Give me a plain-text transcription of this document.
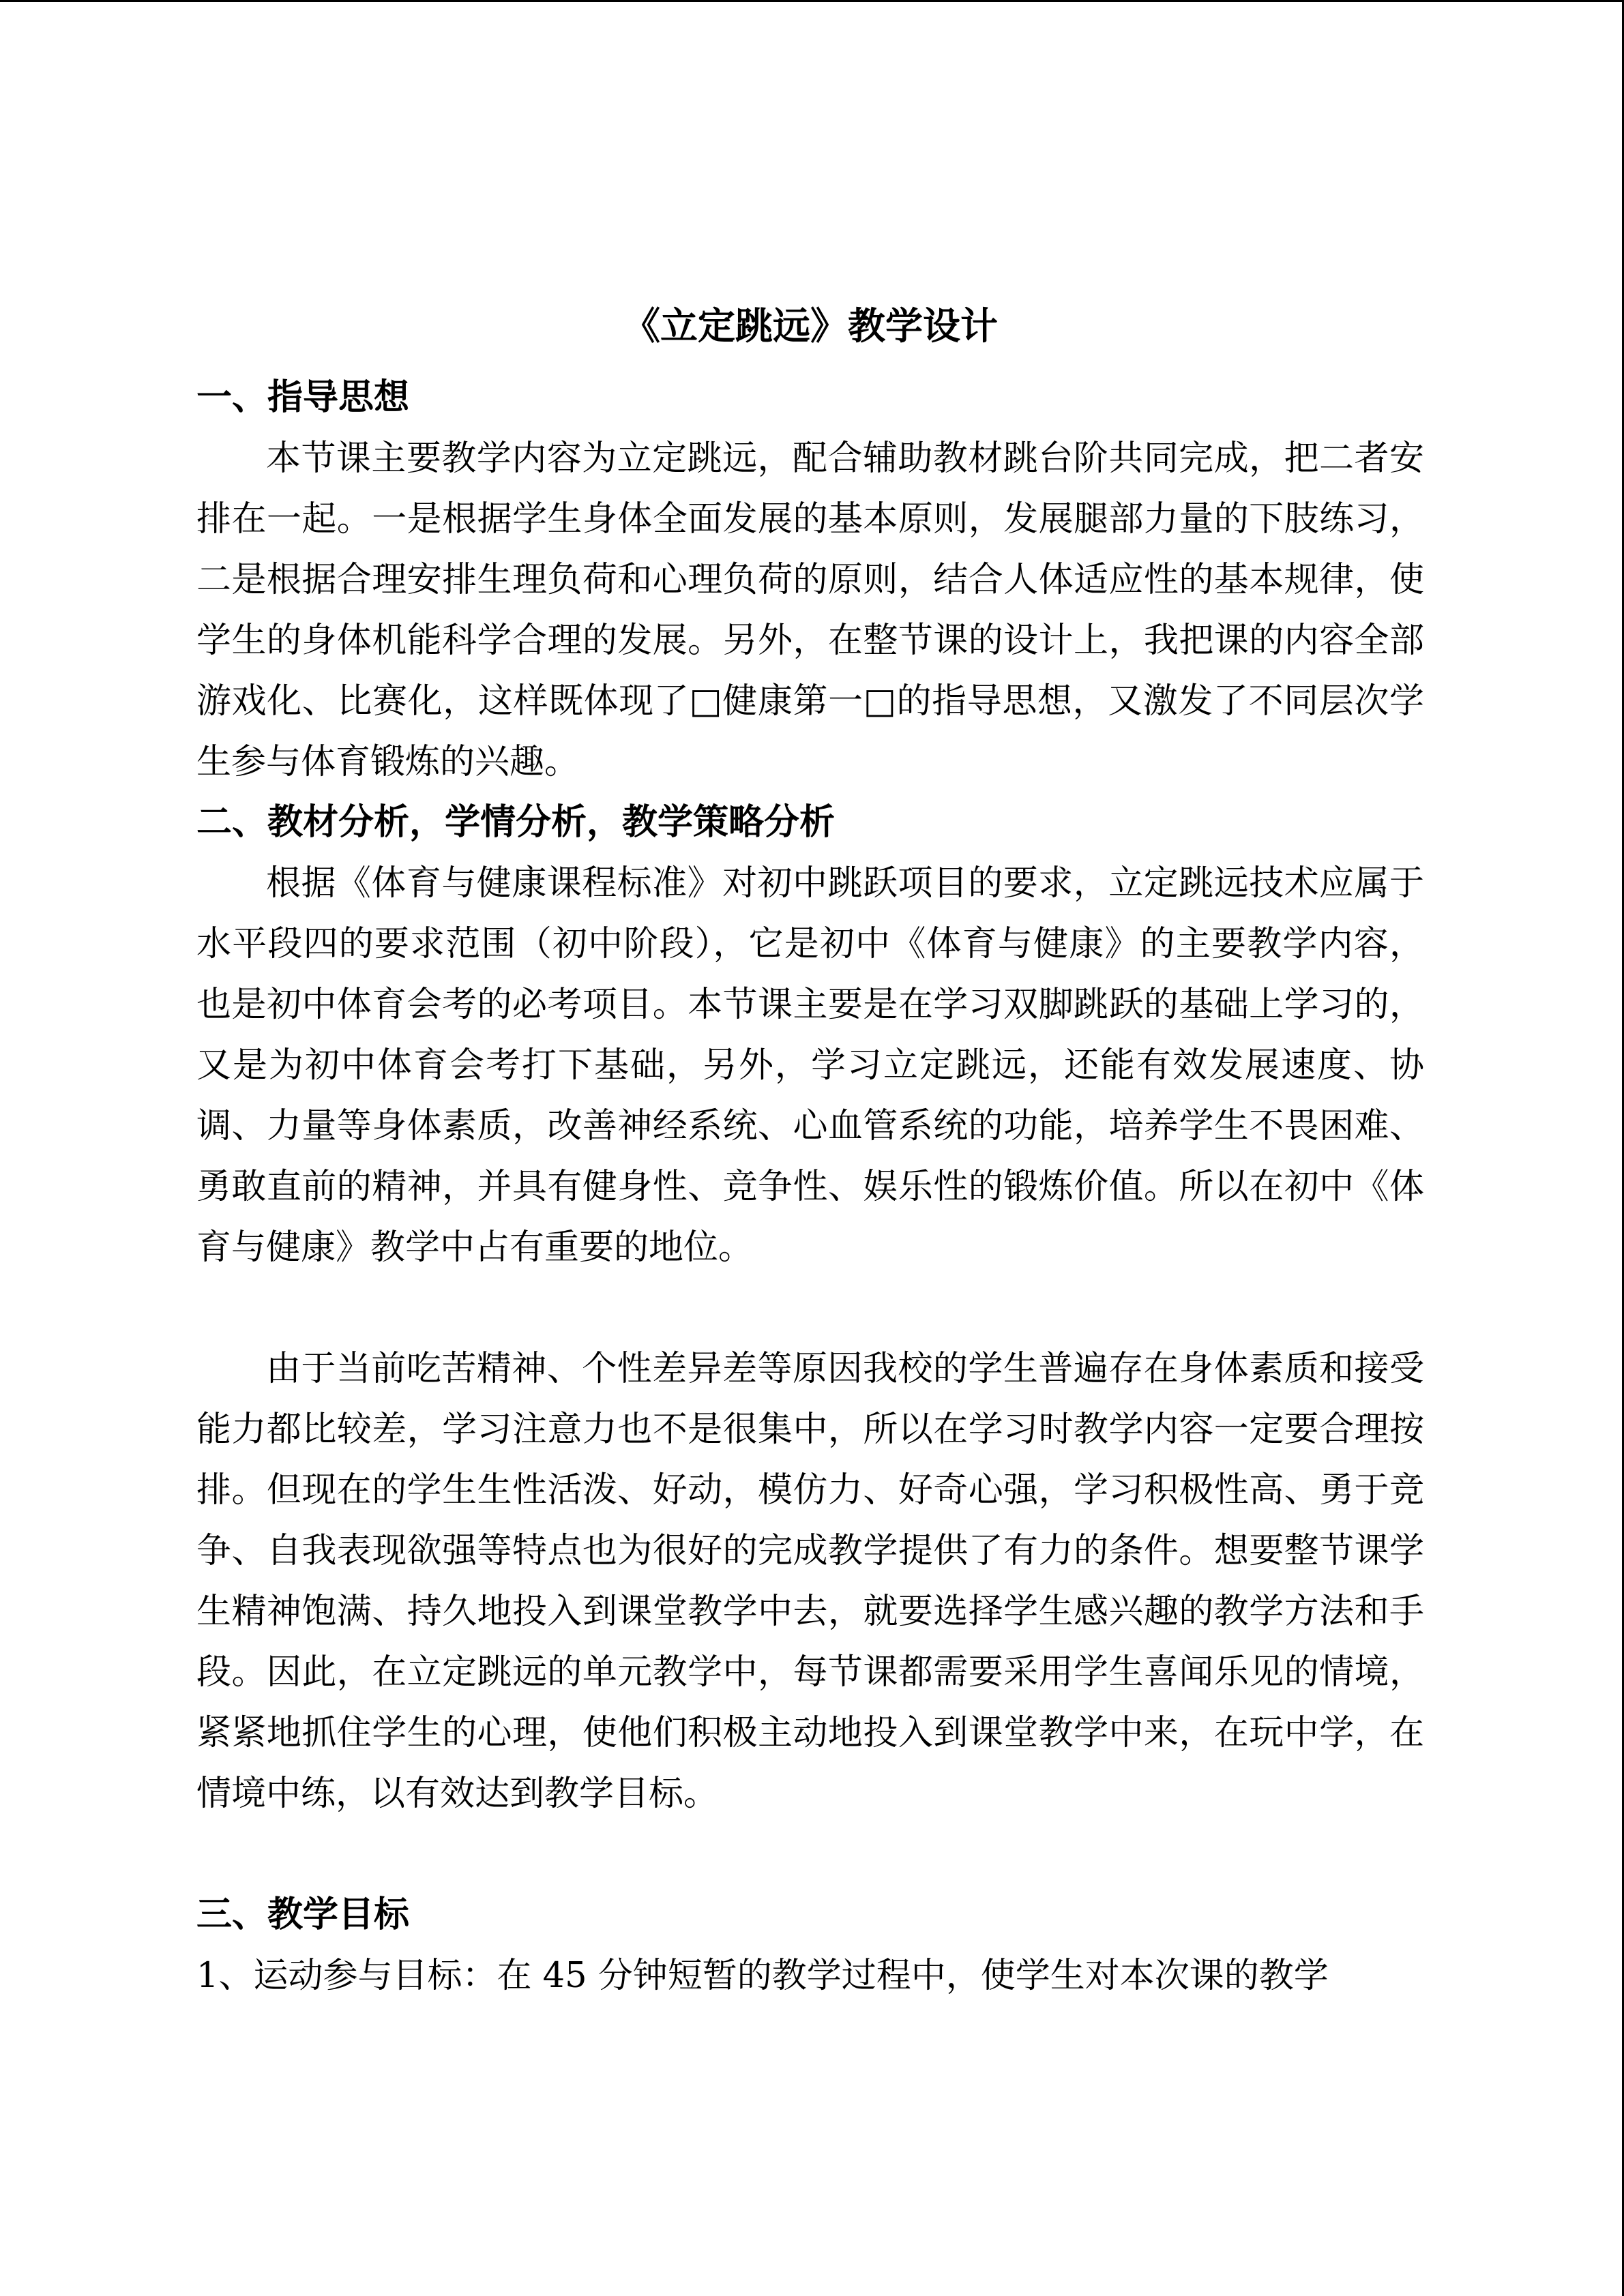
《立定跳远》教学设计
一、指导思想

本节课主要教学内容为立定跳远，配合辅助教材跳台阶共同完成，把二者安排在一起。一是根据学生身体全面发展的基本原则，发展腿部力量的下肢练习，二是根据合理安排生理负荷和心理负荷的原则，结合人体适应性的基本规律，使学生的身体机能科学合理的发展。另外，在整节课的设计上，我把课的内容全部游戏化、比赛化，这样既体现了□健康第一□的指导思想，又激发了不同层次学生参与体育锻炼的兴趣。

二、教材分析，学情分析，教学策略分析

根据《体育与健康课程标准》对初中跳跃项目的要求，立定跳远技术应属于水平段四的要求范围（初中阶段），它是初中《体育与健康》的主要教学内容，也是初中体育会考的必考项目。本节课主要是在学习双脚跳跃的基础上学习的，又是为初中体育会考打下基础，另外，学习立定跳远，还能有效发展速度、协调、力量等身体素质，改善神经系统、心血管系统的功能，培养学生不畏困难、勇敢直前的精神，并具有健身性、竞争性、娱乐性的锻炼价值。所以在初中《体育与健康》教学中占有重要的地位。

由于当前吃苦精神、个性差异差等原因我校的学生普遍存在身体素质和接受能力都比较差，学习注意力也不是很集中，所以在学习时教学内容一定要合理按排。但现在的学生生性活泼、好动，模仿力、好奇心强，学习积极性高、勇于竞争、自我表现欲强等特点也为很好的完成教学提供了有力的条件。想要整节课学生精神饱满、持久地投入到课堂教学中去，就要选择学生感兴趣的教学方法和手段。因此，在立定跳远的单元教学中，每节课都需要采用学生喜闻乐见的情境，紧紧地抓住学生的心理，使他们积极主动地投入到课堂教学中来，在玩中学，在情境中练，以有效达到教学目标。

三、教学目标

1、运动参与目标：在 45 分钟短暂的教学过程中，使学生对本次课的教学
